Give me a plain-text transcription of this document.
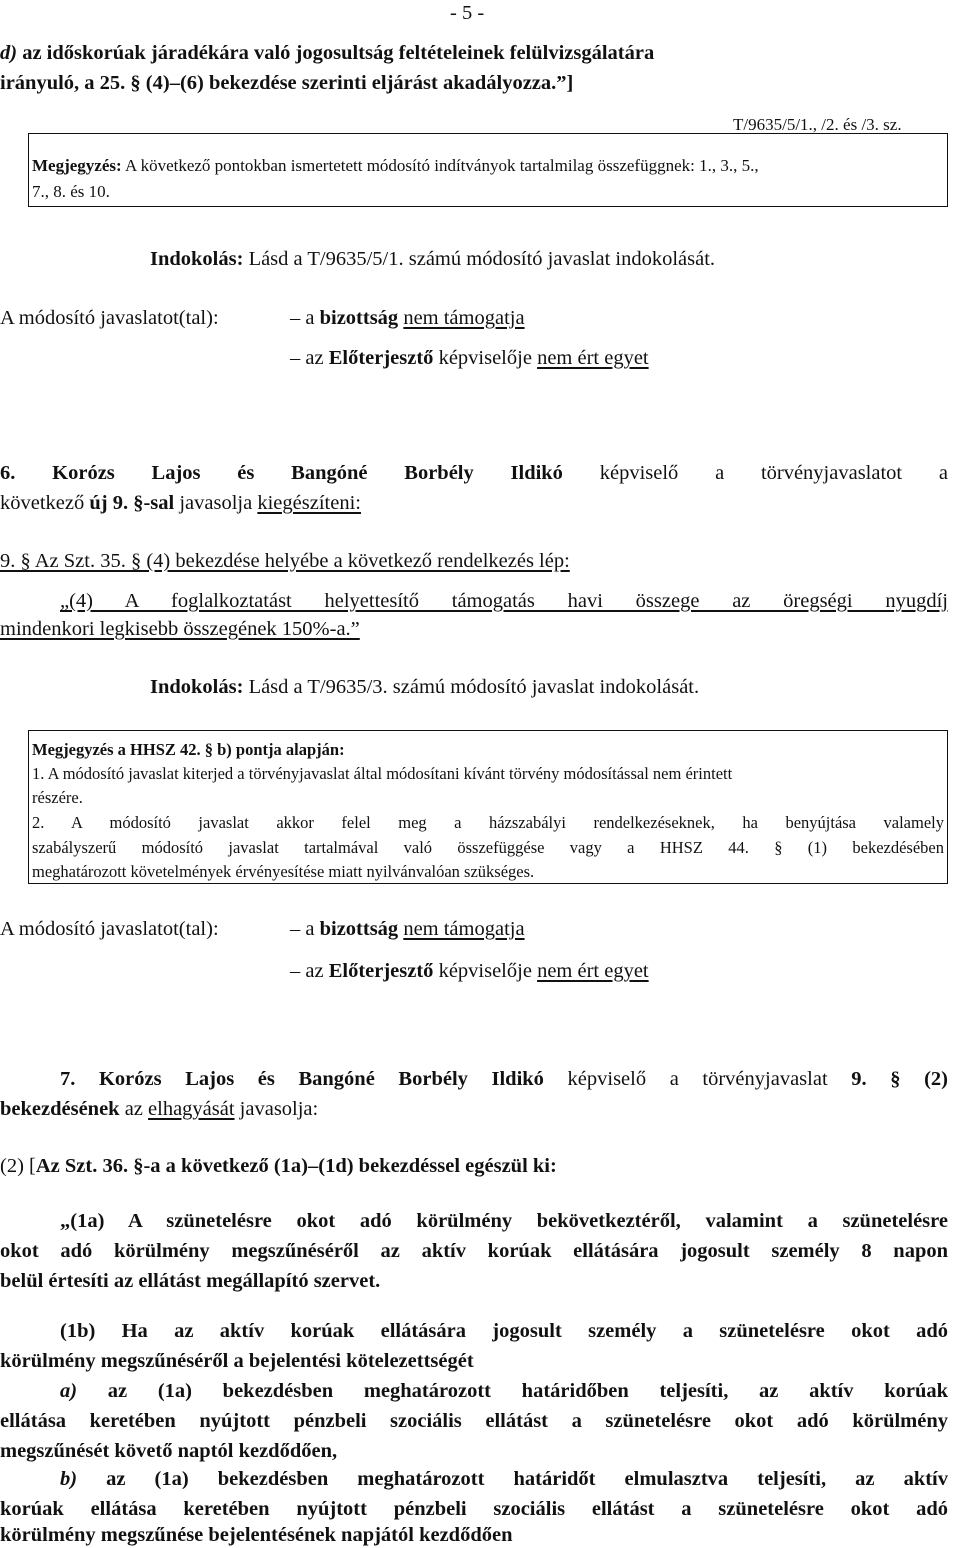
- 5 -
d) az időskorúak járadékára való jogosultság feltételeinek felülvizsgálatára
irányuló, a 25. § (4)–(6) bekezdése szerinti eljárást akadályozza.”]
T/9635/5/1., /2. és /3. sz.
Megjegyzés: A következő pontokban ismertetett módosító indítványok tartalmilag összefüggnek: 1., 3., 5.,
7., 8. és 10.
Indokolás: Lásd a T/9635/5/1. számú módosító javaslat indokolását.
A módosító javaslatot(tal):	– a bizottság nem támogatja
– az Előterjesztő képviselője nem ért egyet
6. Korózs Lajos és Bangóné Borbély Ildikó képviselő a törvényjavaslatot a
következő új 9. §-sal javasolja kiegészíteni:
9. § Az Szt. 35. § (4) bekezdése helyébe a következő rendelkezés lép:
„(4) A foglalkoztatást helyettesítő támogatás havi összege az öregségi nyugdíj
mindenkori legkisebb összegének 150%-a.”
Indokolás: Lásd a T/9635/3. számú módosító javaslat indokolását.
Megjegyzés a HHSZ 42. § b) pontja alapján:
1. A módosító javaslat kiterjed a törvényjavaslat által módosítani kívánt törvény módosítással nem érintett
részére.
2. A módosító javaslat akkor felel meg a házszabályi rendelkezéseknek, ha benyújtása valamely
szabályszerű módosító javaslat tartalmával való összefüggése vagy a HHSZ 44. § (1) bekezdésében
meghatározott követelmények érvényesítése miatt nyilvánvalóan szükséges.
A módosító javaslatot(tal):	– a bizottság nem támogatja
– az Előterjesztő képviselője nem ért egyet
7. Korózs Lajos és Bangóné Borbély Ildikó képviselő a törvényjavaslat 9. § (2)
bekezdésének az elhagyását javasolja:
(2) [Az Szt. 36. §-a a következő (1a)–(1d) bekezdéssel egészül ki:
„(1a) A szünetelésre okot adó körülmény bekövetkeztéről, valamint a szünetelésre
okot adó körülmény megszűnéséről az aktív korúak ellátására jogosult személy 8 napon
belül értesíti az ellátást megállapító szervet.
(1b) Ha az aktív korúak ellátására jogosult személy a szünetelésre okot adó
körülmény megszűnéséről a bejelentési kötelezettségét
a) az (1a) bekezdésben meghatározott határidőben teljesíti, az aktív korúak
ellátása keretében nyújtott pénzbeli szociális ellátást a szünetelésre okot adó körülmény
megszűnését követő naptól kezdődően,
b) az (1a) bekezdésben meghatározott határidőt elmulasztva teljesíti, az aktív
korúak ellátása keretében nyújtott pénzbeli szociális ellátást a szünetelésre okot adó
körülmény megszűnése bejelentésének napjától kezdődően
